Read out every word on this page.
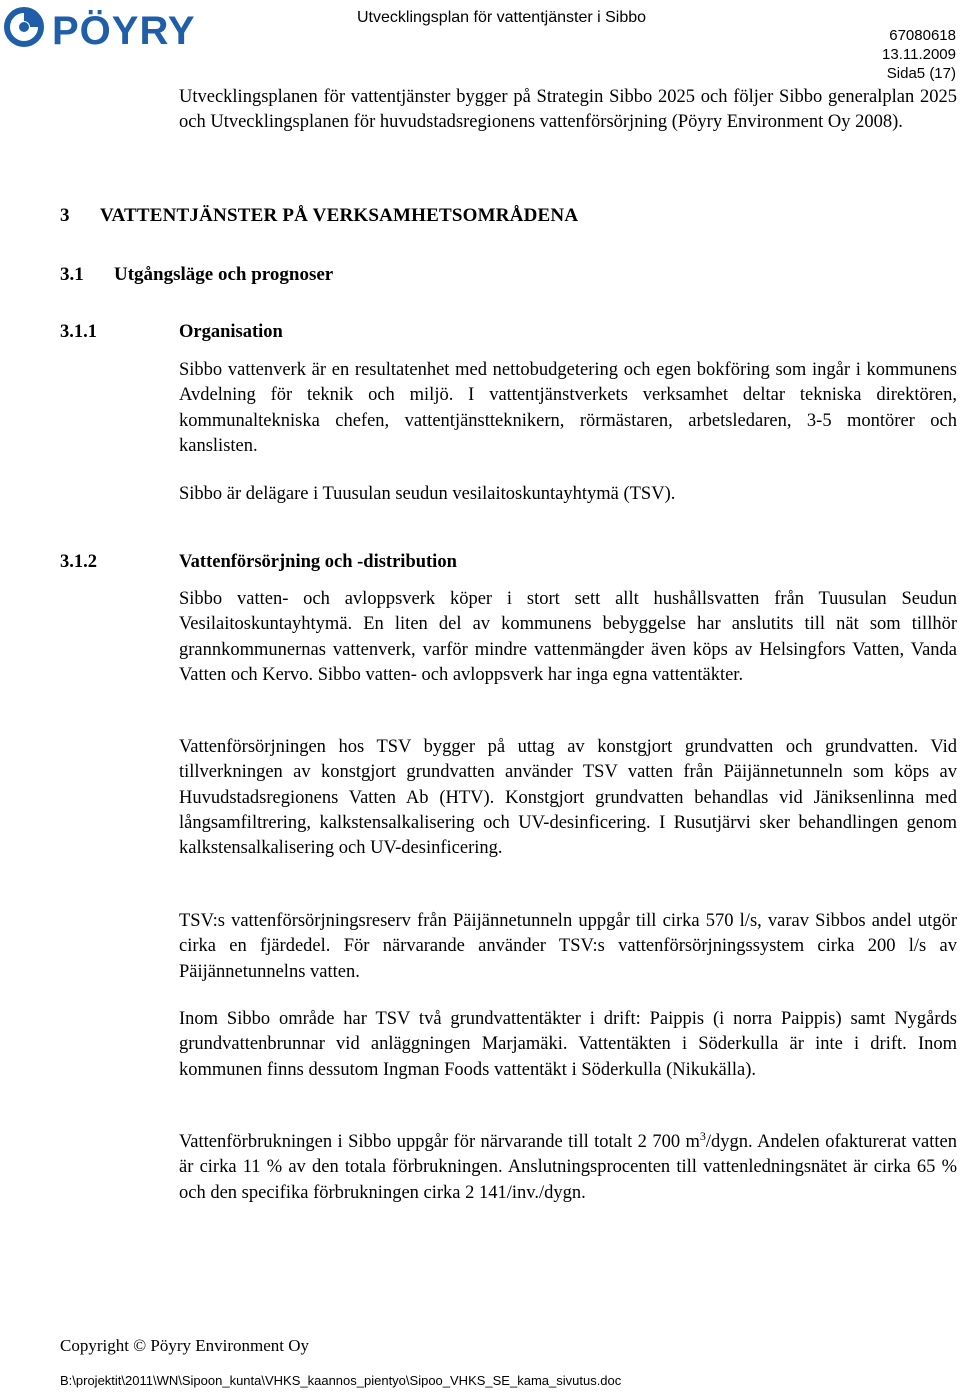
PÖYRY	Utvecklingsplan för vattentjänster i Sibbo
67080618
13.11.2009
Sida5 (17)

Utvecklingsplanen för vattentjänster bygger på Strategin Sibbo 2025 och följer Sibbo generalplan 2025 och Utvecklingsplanen för huvudstadsregionens vattenförsörjning (Pöyry Environment Oy 2008).

3 VATTENTJÄNSTER PÅ VERKSAMHETSOMRÅDENA
3.1 Utgångsläge och prognoser
3.1.1	Organisation

Sibbo vattenverk är en resultatenhet med nettobudgetering och egen bokföring som ingår i kommunens Avdelning för teknik och miljö. I vattentjänstverkets verksamhet deltar tekniska direktören, kommunaltekniska chefen, vattentjänstteknikern, rörmästaren, arbetsledaren, 3-5 montörer och kanslisten.

Sibbo är delägare i Tuusulan seudun vesilaitoskuntayhtymä (TSV).

3.1.2	Vattenförsörjning och -distribution

Sibbo vatten- och avloppsverk köper i stort sett allt hushållsvatten från Tuusulan Seudun Vesilaitoskuntayhtymä. En liten del av kommunens bebyggelse har anslutits till nät som tillhör grannkommunernas vattenverk, varför mindre vattenmängder även köps av Helsingfors Vatten, Vanda Vatten och Kervo. Sibbo vatten- och avloppsverk har inga egna vattentäkter.

Vattenförsörjningen hos TSV bygger på uttag av konstgjort grundvatten och grundvatten. Vid tillverkningen av konstgjort grundvatten använder TSV vatten från Päijännetunneln som köps av Huvudstadsregionens Vatten Ab (HTV). Konstgjort grundvatten behandlas vid Jäniksenlinna med långsamfiltrering, kalkstensalkalisering och UV-desinficering. I Rusutjärvi sker behandlingen genom kalkstensalkalisering och UV-desinficering.

TSV:s vattenförsörjningsreserv från Päijännetunneln uppgår till cirka 570 l/s, varav Sibbos andel utgör cirka en fjärdedel. För närvarande använder TSV:s vattenförsörjningssystem cirka 200 l/s av Päijännetunnelns vatten.

Inom Sibbo område har TSV två grundvattentäkter i drift: Paippis (i norra Paippis) samt Nygårds grundvattenbrunnar vid anläggningen Marjamäki. Vattentäkten i Söderkulla är inte i drift. Inom kommunen finns dessutom Ingman Foods vattentäkt i Söderkulla (Nikukälla).

Vattenförbrukningen i Sibbo uppgår för närvarande till totalt 2 700 $m^3$/dygn. Andelen ofakturerat vatten är cirka 11 % av den totala förbrukningen. Anslutningsprocenten till vattenledningsnätet är cirka 65 % och den specifika förbrukningen cirka 2 141/inv./dygn.

Copyright © Pöyry Environment Oy
B:\projektit\2011\WN\Sipoon_kunta\VHKS_kaannos_pientyo\Sipoo_VHKS_SE_kama_sivutus.doc
